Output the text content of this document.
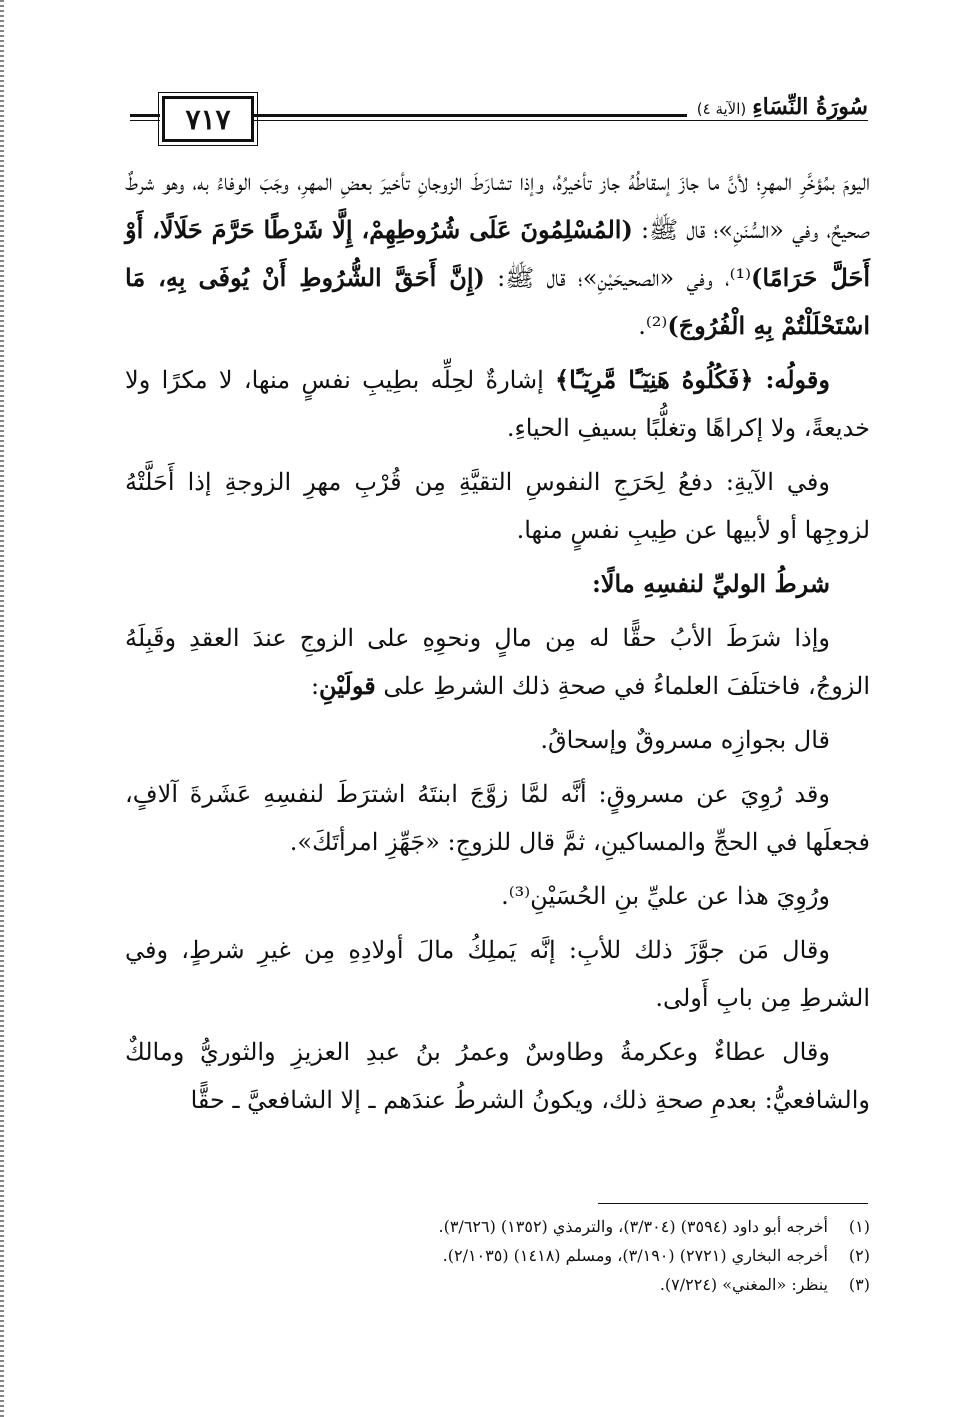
٧١٧	سُورَةُ النِّسَاءِ
(الآية ٤)

اليومَ بمُؤخَّرِ المهرِ؛ لأنَّ ما جازَ إسقاطُهُ جاز تأخيرُهُ، وإذا تشارَطَ الزوجانِ تأخيرَ بعضِ المهرِ، وجَبَ الوفاءُ به، وهو شرطٌ صحيحٌ، وفي «السُّنَنِ»؛ قال ﷺ: (المُسْلِمُونَ عَلَى شُرُوطِهِمْ، إِلَّا شَرْطًا حَرَّمَ حَلَالًا، أَوْ أَحَلَّ حَرَامًا)⁽¹⁾، وفي «الصحيحَيْنِ»؛ قال ﷺ: (إِنَّ أَحَقَّ الشُّرُوطِ أَنْ يُوفَى بِهِ، مَا اسْتَحْلَلْتُمْ بِهِ الْفُرُوجَ)⁽²⁾.

وقولُه: ﴿فَكُلُوهُ هَنِيٓـًٔا مَّرِيٓـًٔا﴾ إشارةٌ لحِلِّه بطِيبِ نفسٍ منها، لا مكرًا ولا خديعةً، ولا إكراهًا وتغلُّبًا بسيفِ الحياءِ.

وفي الآيةِ: دفعُ لِحَرَجِ النفوسِ التقيَّةِ مِن قُرْبِ مهرِ الزوجةِ إذا أَحَلَّتْهُ لزوجِها أو لأبيها عن طِيبِ نفسٍ منها.

شرطُ الوليِّ لنفسِهِ مالًا:

وإذا شرَطَ الأبُ حقًّا له مِن مالٍ ونحوِهِ على الزوجِ عندَ العقدِ وقَبِلَهُ الزوجُ، فاختلَفَ العلماءُ في صحةِ ذلك الشرطِ على قولَيْنِ:

قال بجوازِه مسروقٌ وإسحاقُ.

وقد رُوِيَ عن مسروقٍ: أنَّه لمَّا زوَّجَ ابنتَهُ اشترَطَ لنفسِهِ عَشَرةَ آلافٍ، فجعلَها في الحجِّ والمساكينِ، ثمَّ قال للزوجِ: «جَهِّزِ امرأتَكَ».

ورُوِيَ هذا عن عليِّ بنِ الحُسَيْنِ⁽³⁾.

وقال مَن جوَّزَ ذلك للأبِ: إنَّه يَملِكُ مالَ أولادِهِ مِن غيرِ شرطٍ، وفي الشرطِ مِن بابِ أَولى.

وقال عطاءٌ وعكرمةُ وطاوسٌ وعمرُ بنُ عبدِ العزيزِ والثوريُّ ومالكٌ والشافعيُّ: بعدمِ صحةِ ذلك، ويكونُ الشرطُ عندَهم ـ إلا الشافعيَّ ـ حقًّا

(١)
أخرجه أبو داود (٣٥٩٤) (٣/٣٠٤)، والترمذي (١٣٥٢) (٣/٦٢٦).

(٢)
أخرجه البخاري (٢٧٢١) (٣/١٩٠)، ومسلم (١٤١٨) (٢/١٠٣٥).

(٣)
ينظر: «المغني» (٧/٢٢٤).
